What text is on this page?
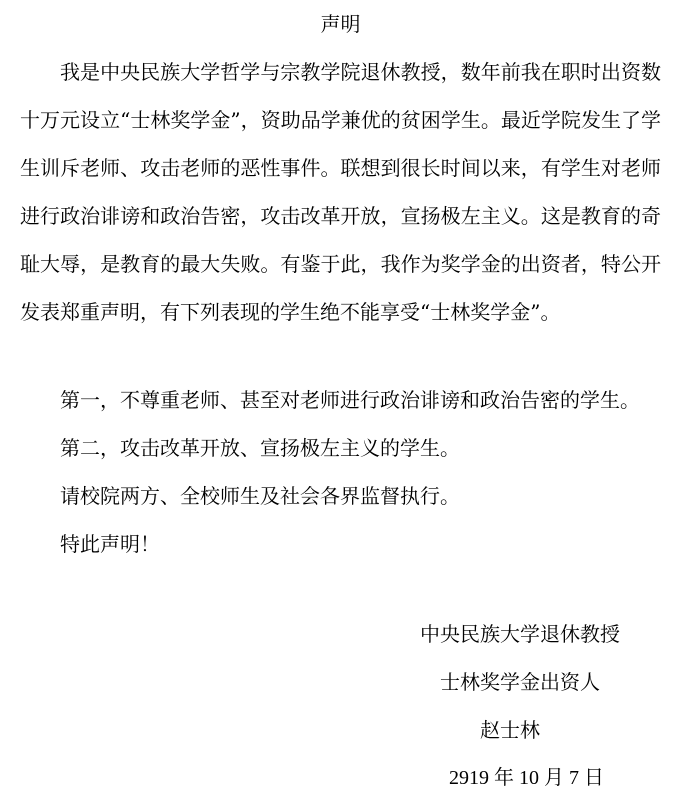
声明
我是中央民族大学哲学与宗教学院退休教授，数年前我在职时出资数十万元设立“士林奖学金”，资助品学兼优的贫困学生。最近学院发生了学生训斥老师、攻击老师的恶性事件。联想到很长时间以来，有学生对老师进行政治诽谤和政治告密，攻击改革开放，宣扬极左主义。这是教育的奇耻大辱，是教育的最大失败。有鉴于此，我作为奖学金的出资者，特公开发表郑重声明，有下列表现的学生绝不能享受“士林奖学金”。
第一，不尊重老师、甚至对老师进行政治诽谤和政治告密的学生。
第二，攻击改革开放、宣扬极左主义的学生。
请校院两方、全校师生及社会各界监督执行。
特此声明！
中央民族大学退休教授
士林奖学金出资人
赵士林
2919 年 10 月 7 日
